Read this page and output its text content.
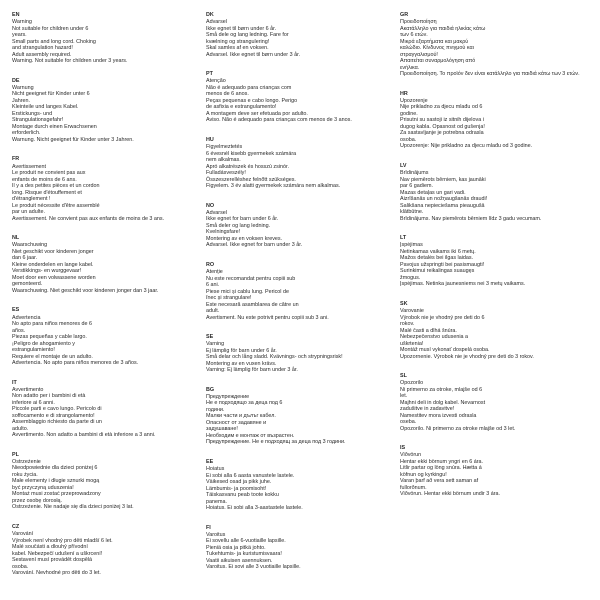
EN

Warning

Not suitable for children under 6

years.

Small parts and long cord. Choking

and strangulation hazard!

Adult assembly required.

Warning. Not suitable for children under 3 years.

DE

Warnung

Nicht geeignet für Kinder unter 6

Jahren.

Kleinteile und langes Kabel.

Erstickungs- und

Strangulationsgefahr!

Montage durch einen Erwachsenen

erforderlich.

Warnung. Nicht geeignet für Kinder unter 3 Jahren.

FR

Avertissement

Le produit ne convient pas aux

enfants de moins de 6 ans.

Il y a des petites pièces et un cordon

long. Risque d'étouffement et

d'étranglement !

Le produit nécessite d'être assemblé

par un adulte.

Avertissement. Ne convient pas aux enfants de moins de 3 ans.

NL

Waarschuwing

Niet geschikt voor kinderen jonger

dan 6 jaar.

Kleine onderdelen en lange kabel.

Verstikkings- en wurggevaar!

Moet door een volwassene worden

gemonteerd.

Waarschuwing. Niet geschikt voor kinderen jonger dan 3 jaar.

ES

Advertencia

No apto para niños menores de 6

años.

Piezas pequeñas y cable largo.

¡Peligro de ahogamiento y

estrangulamiento!

Requiere el montaje de un adulto.

Advertencia. No apto para niños menores de 3 años.

IT

Avvertimento

Non adatto per i bambini di età

inferiore ai 6 anni.

Piccole parti e cavo lungo. Pericolo di

soffocamento e di strangolamento!

Assemblaggio richiesto da parte di un

adulto.

Avvertimento. Non adatto a bambini di età inferiore a 3 anni.

PL

Ostrzeżenie

Nieodpowiednie dla dzieci poniżej 6

roku życia.

Małe elementy i długie sznurki mogą

być przyczyną uduszenia!

Montaż musi zostać przeprowadzony

przez osobę dorosłą.

Ostrzeżenie. Nie nadaje się dla dzieci poniżej 3 lat.

CZ

Varování

Výrobek není vhodný pro děti mladší 6 let.

Malé součásti a dlouhý přívodní

kabel. Nebezpečí udušení a uškrcení!

Sestavení musí provádět dospělá

osoba.

Varování. Nevhodné pro děti do 3 let.

DK

Advarsel

Ikke egnet til børn under 6 år.

Små dele og lang ledning. Fare for

kvælning og strangulering!

Skal samles af en voksen.

Advarsel. Ikke egnet til børn under 3 år.

PT

Atenção

Não é adequado para crianças com

menos de 6 anos.

Peças pequenas e cabo longo. Perigo

de asfixia e estrangulamento!

A montagem deve ser efetuada por adulto.

Aviso. Não é adequado para crianças com menos de 3 anos.

HU

Figyelmeztetés

6 évesnél kisebb gyermekek számára

nem alkalmas.

Apró alkatrészek és hosszú zsinór.

Fulladásveszély!

Összeszerelléshez felnőtt szükséges.

Figyelem. 3 év alatti gyermekek számára nem alkalmas.

NO

Advarsel

Ikke egnet for barn under 6 år.

Små deler og lang ledning.

Kvelningsfare!

Montering av en voksen kreves.

Advarsel. Ikke egnet for barn under 3 år.

RO

Atenție

Nu este recomandat pentru copiii sub

6 ani.

Piese mici și cablu lung. Pericol de

înec și strangulare!

Este necesară asamblarea de către un

adult.

Avertisment. Nu este potrivit pentru copiii sub 3 ani.

SE

Varning

Ej lämplig för barn under 6 år.

Små delar och lång sladd. Kvävnings- och strypningsrisk!

Montering av en vuxen krävs.

Varning: Ej lämplig för barn under 3 år.

BG

Предупреждение

Не е подходящо за деца под 6

години.

Малки части и дълъг кабел.

Опасност от задавяне и

задушаване!

Необходим е монтаж от възрастен.

Предупреждение. Не е подходящ за деца под 3 години.

EE

Hoiatus

Ei sobi alla 6 aasta vanustele lastele.

Väikesed osad ja pikk juhe.

Lämbumis- ja poomisoht!

Täiskasvanu peab toote kokku

panema.

Hoiatus. Ei sobi alla 3-aastastele lastele.

FI

Varoitus

Ei sovellu alle 6-vuotiaille lapsille.

Pieniä osia ja pitkä johto.

Tukehtumis- ja kuristumisvaara!

Vaatii aikuisen asennuksen.

Varoitus. Ei sovi alle 3 vuotiaille lapsille.

GR

Προειδοποίηση

Ακατάλληλο για παιδιά ηλικίας κάτω

των 6 ετών.

Μικρά εξαρτήματα και μακρύ

καλώδιο. Κίνδυνος πνιγμού και

στραγγαλισμού!

Απαιτείται συναρμολόγηση από

ενήλικα.

Προειδοποίηση. Το προϊόν δεν είναι κατάλληλο για παιδιά κάτω των 3 ετών.

HR

Upozorenje

Nije prikladno za djecu mlađu od 6

godine.

Prisutni su sastoji iz sitnih dijelova i

dugog kabla. Opasnost od gušenja!

Za sastavljanje je potrebna odrasla

osoba.

Upozorenje: Nije prikladno za djecu mlađu od 3 godine.

LV

Brīdinājums

Nav piemērots bērniem, kas jaunāki

par 6 gadiem.

Mazas detaļas un gari vadi.

Aizrīšanās un nožņaugšanās draudi!

Salikšana nepieciešama pieaugušā

klātbūtne.

Brīdinājums. Nav piemērots bērniem līdz 3 gadu vecumam.

LT

Įspėjimas

Netinkamas vaikams iki 6 metų.

Mažos detalės bei ilgas laidas.

Pavojus užspringti bei pasismaugti!

Surinkimui reikalingas suaugęs

žmogus.

Įspėjimas. Netinka jaunesniems nei 3 metų vaikams.

SK

Varovanie

Výrobok nie je vhodný pre deti do 6

rokov.

Malé časti a dlhá šnúra.

Nebezpečenstvo udusenia a

uškrtenia!

Montáž musí vykonať dospelá osoba.

Upozornenie. Výrobok nie je vhodný pre deti do 3 rokov.

SL

Opozorilo

Ni primerno za otroke, mlajše od 6

let.

Majhni deli in dolg kabel. Nevarnost

zadušitve in zadavitve!

Namestitev mora izvesti odrasla

oseba.

Opozorilo. Ni primerno za otroke mlajše od 3 let.

IS

Viðvörun

Hentar ekki börnum yngri en 6 ára.

Litlir partar og löng snúra. Hætta á

köfnun og kyrkingu!

Varan þarf að vera sett saman af

fullorðnum.

Viðvörun. Hentar ekki börnum undir 3 ára.
